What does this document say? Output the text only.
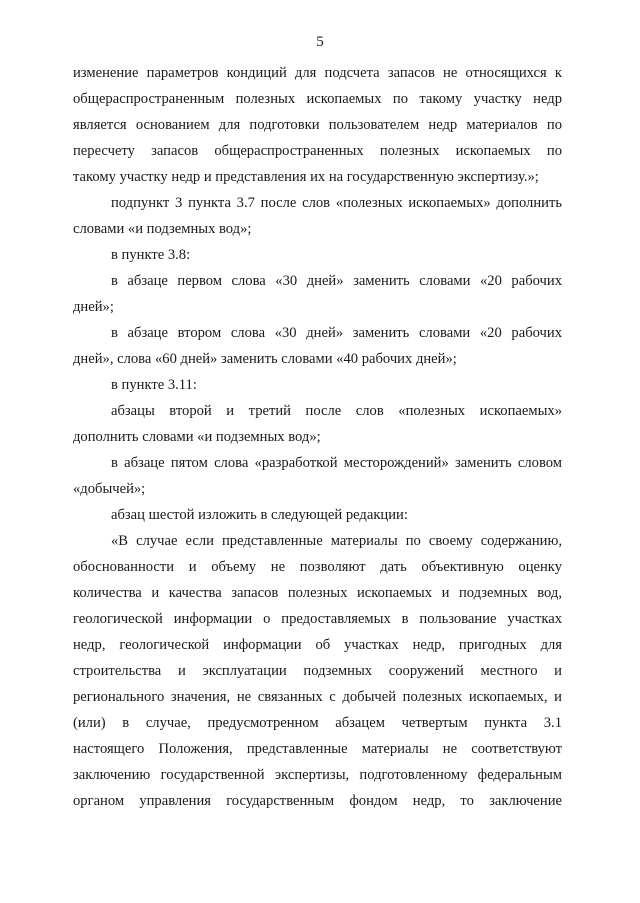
5
изменение параметров кондиций для подсчета запасов не относящихся к
общераспространенным полезных ископаемых по такому участку недр
является основанием для подготовки пользователем недр материалов по
пересчету запасов общераспространенных полезных ископаемых по
такому участку недр и представления их на государственную экспертизу.»;
подпункт 3 пункта 3.7 после слов «полезных ископаемых» дополнить
словами «и подземных вод»;
в пункте 3.8:
в абзаце первом слова «30 дней» заменить словами «20 рабочих
дней»;
в абзаце втором слова «30 дней» заменить словами «20 рабочих
дней», слова «60 дней» заменить словами «40 рабочих дней»;
в пункте 3.11:
абзацы второй и третий после слов «полезных ископаемых»
дополнить словами «и подземных вод»;
в абзаце пятом слова «разработкой месторождений» заменить словом
«добычей»;
абзац шестой изложить в следующей редакции:
«В случае если представленные материалы по своему содержанию,
обоснованности и объему не позволяют дать объективную оценку
количества и качества запасов полезных ископаемых и подземных вод,
геологической информации о предоставляемых в пользование участках
недр, геологической информации об участках недр, пригодных для
строительства и эксплуатации подземных сооружений местного и
регионального значения, не связанных с добычей полезных ископаемых, и
(или) в случае, предусмотренном абзацем четвертым пункта 3.1
настоящего Положения, представленные материалы не соответствуют
заключению государственной экспертизы, подготовленному федеральным
органом управления государственным фондом недр, то заключение
